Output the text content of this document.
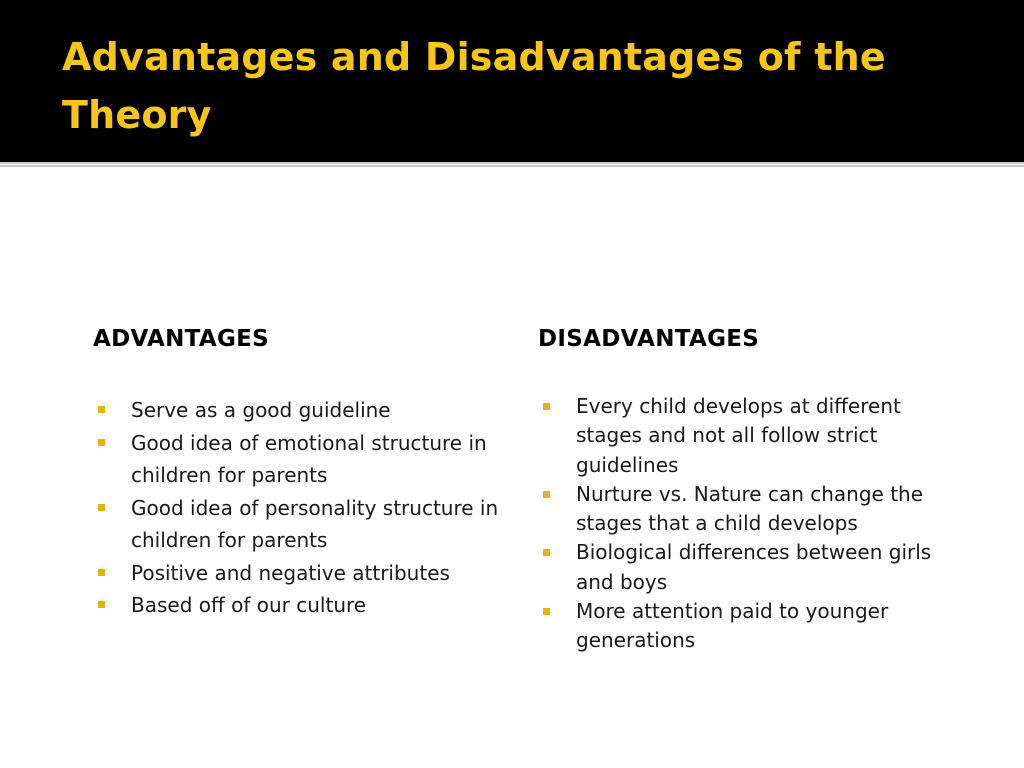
Advantages and Disadvantages of the Theory
ADVANTAGES
Serve as a good guideline
Good idea of emotional structure in children for parents
Good idea of personality structure in children for parents
Positive and negative attributes
Based off of our culture
DISADVANTAGES
Every child develops at different stages and not all follow strict guidelines
Nurture vs. Nature can change the stages that a child develops
Biological differences between girls and boys
More attention paid to younger generations
